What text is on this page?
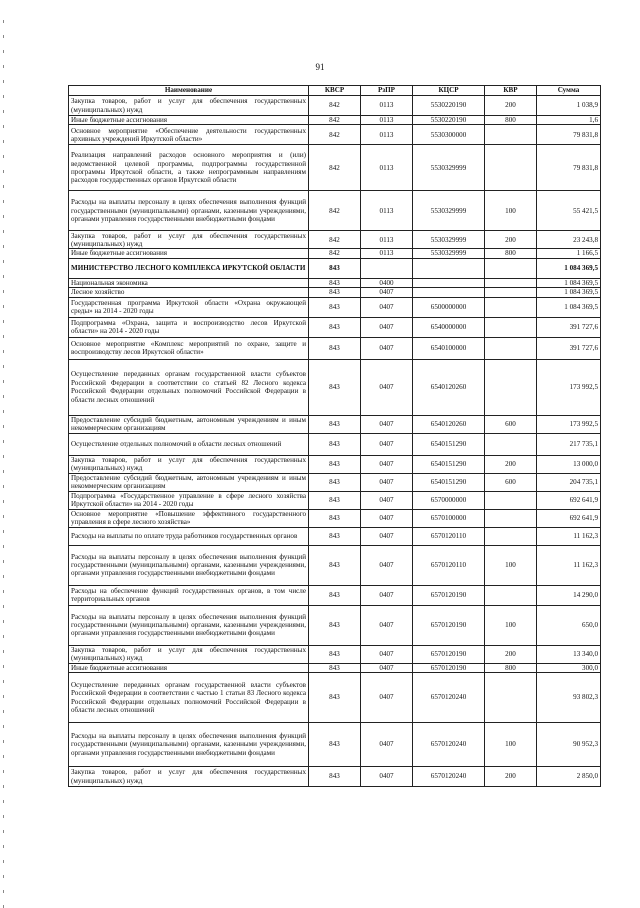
91
Наименование	КВСР	РзПР	КЦСР	КВР	Сумма
Закупка товаров, работ и услуг для обеспечения государственных (муниципальных) нужд	842	0113	5530220190	200	1 038,9
Иные бюджетные ассигнования	842	0113	5530220190	800	1,6
Основное мероприятие «Обеспечение деятельности государственных архивных учреждений Иркутской области»	842	0113	5530300000		79 831,8
Реализация направлений расходов основного мероприятия и (или) ведомственной целевой программы, подпрограммы государственной программы Иркутской области, а также непрограммным направлениям расходов государственных органов Иркутской области	842	0113	5530329999		79 831,8
Расходы на выплаты персоналу в целях обеспечения выполнения функций государственными (муниципальными) органами, казенными учреждениями, органами управления государственными внебюджетными фондами	842	0113	5530329999	100	55 421,5
Закупка товаров, работ и услуг для обеспечения государственных (муниципальных) нужд	842	0113	5530329999	200	23 243,8
Иные бюджетные ассигнования	842	0113	5530329999	800	1 166,5
МИНИСТЕРСТВО ЛЕСНОГО КОМПЛЕКСА ИРКУТСКОЙ ОБЛАСТИ	843				1 084 369,5
Национальная экономика	843	0400			1 084 369,5
Лесное хозяйство	843	0407			1 084 369,5
Государственная программа Иркутской области «Охрана окружающей среды» на 2014 - 2020 годы	843	0407	6500000000		1 084 369,5
Подпрограмма «Охрана, защита и воспроизводство лесов Иркутской области» на 2014 - 2020 годы	843	0407	6540000000		391 727,6
Основное мероприятие «Комплекс мероприятий по охране, защите и воспроизводству лесов Иркутской области»	843	0407	6540100000		391 727,6
Осуществление переданных органам государственной власти субъектов Российской Федерации в соответствии со статьей 82 Лесного кодекса Российской Федерации отдельных полномочий Российской Федерации в области лесных отношений	843	0407	6540120260		173 992,5
Предоставление субсидий бюджетным, автономным учреждениям и иным некоммерческим организациям	843	0407	6540120260	600	173 992,5
Осуществление отдельных полномочий в области лесных отношений	843	0407	6540151290		217 735,1
Закупка товаров, работ и услуг для обеспечения государственных (муниципальных) нужд	843	0407	6540151290	200	13 000,0
Предоставление субсидий бюджетным, автономным учреждениям и иным некоммерческим организациям	843	0407	6540151290	600	204 735,1
Подпрограмма «Государственное управление в сфере лесного хозяйства Иркутской области» на 2014 - 2020 годы	843	0407	6570000000		692 641,9
Основное мероприятие «Повышение эффективного государственного управления в сфере лесного хозяйства»	843	0407	6570100000		692 641,9
Расходы на выплаты по оплате труда работников государственных органов	843	0407	6570120110		11 162,3
Расходы на выплаты персоналу в целях обеспечения выполнения функций государственными (муниципальными) органами, казенными учреждениями, органами управления государственными внебюджетными фондами	843	0407	6570120110	100	11 162,3
Расходы на обеспечение функций государственных органов, в том числе территориальных органов	843	0407	6570120190		14 290,0
Расходы на выплаты персоналу в целях обеспечения выполнения функций государственными (муниципальными) органами, казенными учреждениями, органами управления государственными внебюджетными фондами	843	0407	6570120190	100	650,0
Закупка товаров, работ и услуг для обеспечения государственных (муниципальных) нужд	843	0407	6570120190	200	13 340,0
Иные бюджетные ассигнования	843	0407	6570120190	800	300,0
Осуществление переданных органам государственной власти субъектов Российской Федерации в соответствии с частью 1 статьи 83 Лесного кодекса Российской Федерации отдельных полномочий Российской Федерации в области лесных отношений	843	0407	6570120240		93 802,3
Расходы на выплаты персоналу в целях обеспечения выполнения функций государственными (муниципальными) органами, казенными учреждениями, органами управления государственными внебюджетными фондами	843	0407	6570120240	100	90 952,3
Закупка товаров, работ и услуг для обеспечения государственных (муниципальных) нужд	843	0407	6570120240	200	2 850,0
